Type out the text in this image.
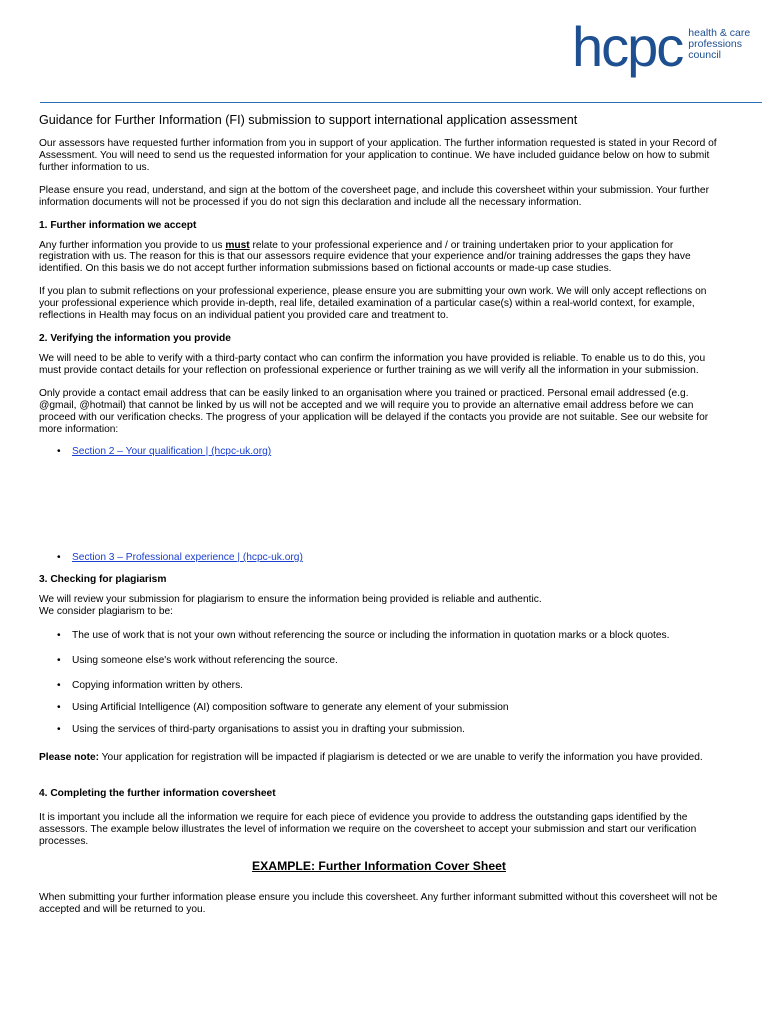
hcpc health & care
professions
council
Guidance for Further Information (FI) submission to support international application assessment

Our assessors have requested further information from you in support of your application. The further information requested is stated in your Record of Assessment. You will need to send us the requested information for your application to continue. We have included guidance below on how to submit further information to us.

Please ensure you read, understand, and sign at the bottom of the coversheet page, and include this coversheet within your submission. Your further information documents will not be processed if you do not sign this declaration and include all the necessary information.

1. Further information we accept

Any further information you provide to us must relate to your professional experience and / or training undertaken prior to your application for registration with us. The reason for this is that our assessors require evidence that your experience and/or training addresses the gaps they have identified. On this basis we do not accept further information submissions based on fictional accounts or made-up case studies.

If you plan to submit reflections on your professional experience, please ensure you are submitting your own work. We will only accept reflections on your professional experience which provide in-depth, real life, detailed examination of a particular case(s) within a real-world context, for example, reflections in Health may focus on an individual patient you provided care and treatment to.

2. Verifying the information you provide

We will need to be able to verify with a third-party contact who can confirm the information you have provided is reliable. To enable us to do this, you must provide contact details for your reflection on professional experience or further training as we will verify all the information in your submission.

Only provide a contact email address that can be easily linked to an organisation where you trained or practiced. Personal email addressed (e.g. @gmail, @hotmail) that cannot be linked by us will not be accepted and we will require you to provide an alternative email address before we can proceed with our verification checks. The progress of your application will be delayed if the contacts you provide are not suitable. See our website for more information:

• Section 2 – Your qualification | (hcpc-uk.org)
• Section 3 – Professional experience | (hcpc-uk.org)
3. Checking for plagiarism

We will review your submission for plagiarism to ensure the information being provided is reliable and authentic.
We consider plagiarism to be:

• The use of work that is not your own without referencing the source or including the information in quotation marks or a block quotes.
• Using someone else's work without referencing the source.
• Copying information written by others.
• Using Artificial Intelligence (AI) composition software to generate any element of your submission
• Using the services of third-party organisations to assist you in drafting your submission.

Please note: Your application for registration will be impacted if plagiarism is detected or we are unable to verify the information you have provided.

4. Completing the further information coversheet

It is important you include all the information we require for each piece of evidence you provide to address the outstanding gaps identified by the assessors. The example below illustrates the level of information we require on the coversheet to accept your submission and start our verification processes.

EXAMPLE: Further Information Cover Sheet

When submitting your further information please ensure you include this coversheet. Any further informant submitted without this coversheet will not be accepted and will be returned to you.
